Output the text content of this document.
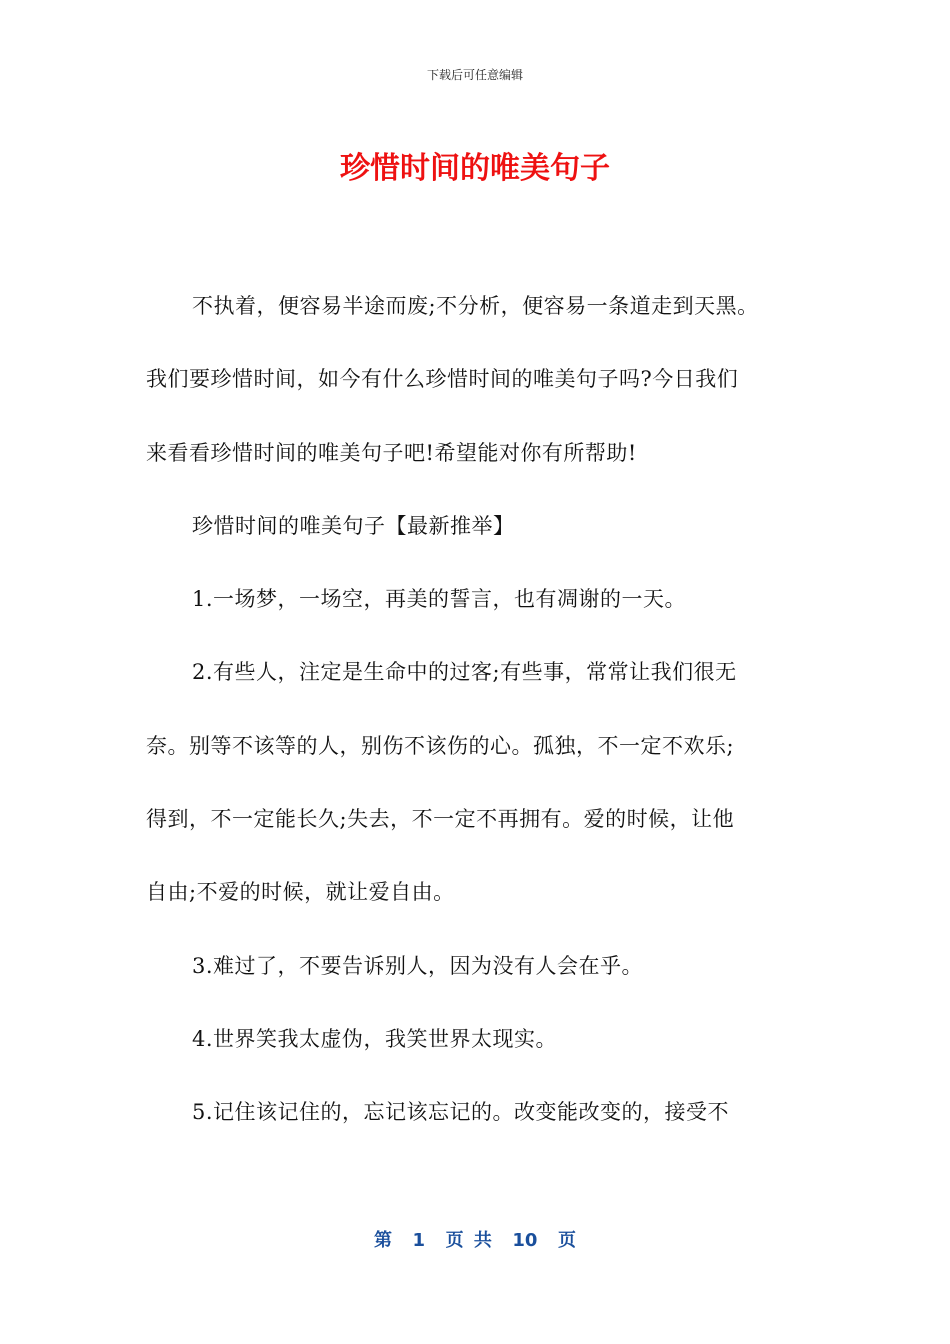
下载后可任意编辑
珍惜时间的唯美句子
不执着，便容易半途而废;不分析，便容易一条道走到天黑。
我们要珍惜时间，如今有什么珍惜时间的唯美句子吗?今日我们
来看看珍惜时间的唯美句子吧!希望能对你有所帮助!
珍惜时间的唯美句子【最新推举】
1.一场梦，一场空，再美的誓言，也有凋谢的一天。
2.有些人，注定是生命中的过客;有些事，常常让我们很无
奈。别等不该等的人，别伤不该伤的心。孤独，不一定不欢乐;
得到，不一定能长久;失去，不一定不再拥有。爱的时候，让他
自由;不爱的时候，就让爱自由。
3.难过了，不要告诉别人，因为没有人会在乎。
4.世界笑我太虚伪，我笑世界太现实。
5.记住该记住的，忘记该忘记的。改变能改变的，接受不
第  1  页 共  10  页
